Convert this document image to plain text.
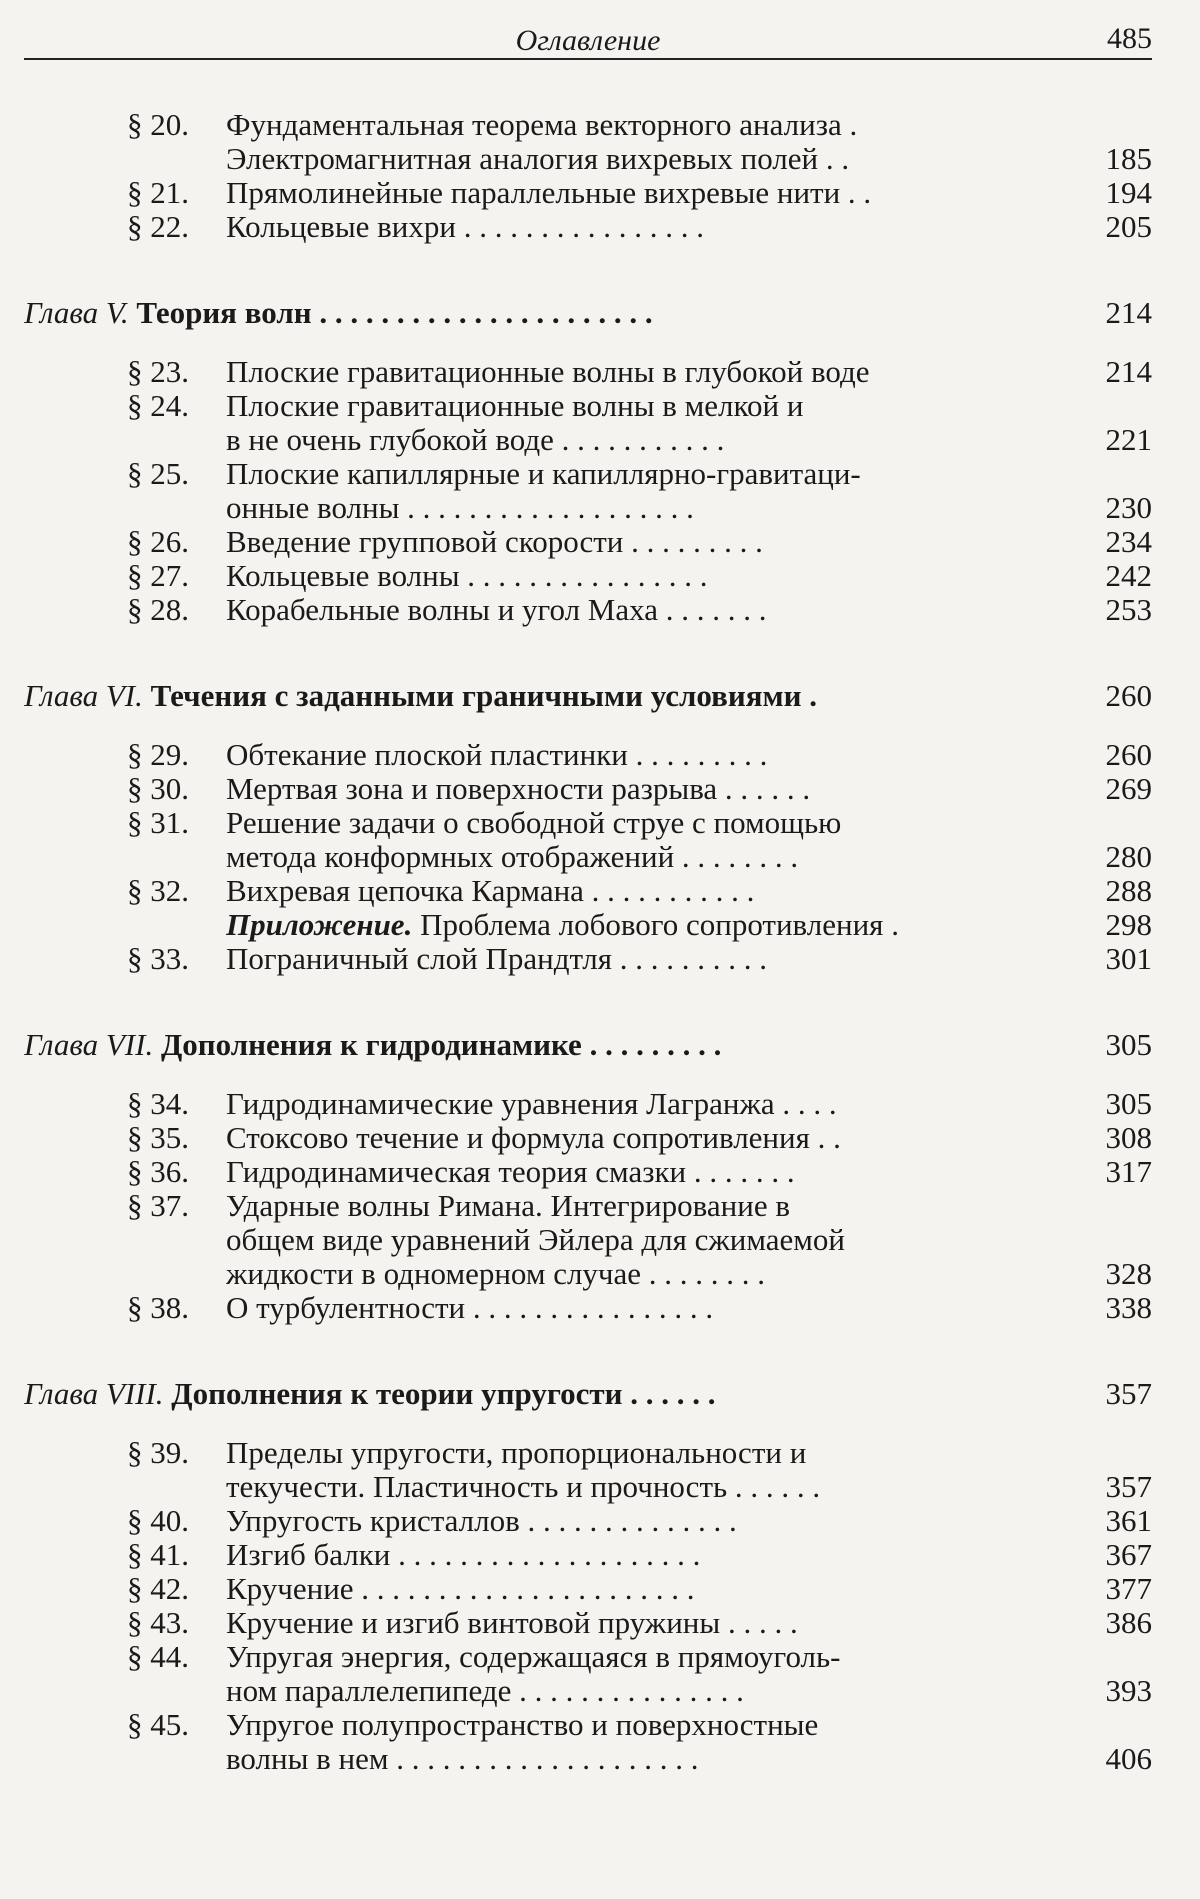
Оглавление	485
§ 20.	Фундаментальная теорема векторного анализа .
Электромагнитная аналогия вихревых полей . .	185
§ 21.	Прямолинейные параллельные вихревые нити . .	194
§ 22.	Кольцевые вихри . . . . . . . . . . . . . . . .	205
Глава V. Теория волн . . . . . . . . . . . . . . . . . . . . . .	214
§ 23.	Плоские гравитационные волны в глубокой воде	214
§ 24.	Плоские гравитационные волны в мелкой и
в не очень глубокой воде . . . . . . . . . . .	221
§ 25.	Плоские капиллярные и капиллярно-гравитаци-
онные волны . . . . . . . . . . . . . . . . . . .	230
§ 26.	Введение групповой скорости . . . . . . . . .	234
§ 27.	Кольцевые волны . . . . . . . . . . . . . . . .	242
§ 28.	Корабельные волны и угол Маха . . . . . . .	253
Глава VI. Течения с заданными граничными условиями .	260
§ 29.	Обтекание плоской пластинки . . . . . . . . .	260
§ 30.	Мертвая зона и поверхности разрыва . . . . . .	269
§ 31.	Решение задачи о свободной струе с помощью
метода конформных отображений . . . . . . . .	280
§ 32.	Вихревая цепочка Кармана . . . . . . . . . . .	288
Приложение. Проблема лобового сопротивления .	298
§ 33.	Пограничный слой Прандтля . . . . . . . . . .	301
Глава VII. Дополнения к гидродинамике . . . . . . . . .	305
§ 34.	Гидродинамические уравнения Лагранжа . . . .	305
§ 35.	Стоксово течение и формула сопротивления . .	308
§ 36.	Гидродинамическая теория смазки . . . . . . .	317
§ 37.	Ударные волны Римана. Интегрирование в
общем виде уравнений Эйлера для сжимаемой
жидкости в одномерном случае . . . . . . . .	328
§ 38.	О турбулентности . . . . . . . . . . . . . . . .	338
Глава VIII. Дополнения к теории упругости . . . . . .	357
§ 39.	Пределы упругости, пропорциональности и
текучести. Пластичность и прочность . . . . . .	357
§ 40.	Упругость кристаллов . . . . . . . . . . . . . .	361
§ 41.	Изгиб балки . . . . . . . . . . . . . . . . . . . .	367
§ 42.	Кручение . . . . . . . . . . . . . . . . . . . . . .	377
§ 43.	Кручение и изгиб винтовой пружины . . . . .	386
§ 44.	Упругая энергия, содержащаяся в прямоуголь-
ном параллелепипеде . . . . . . . . . . . . . . .	393
§ 45.	Упругое полупространство и поверхностные
волны в нем . . . . . . . . . . . . . . . . . . . .	406
